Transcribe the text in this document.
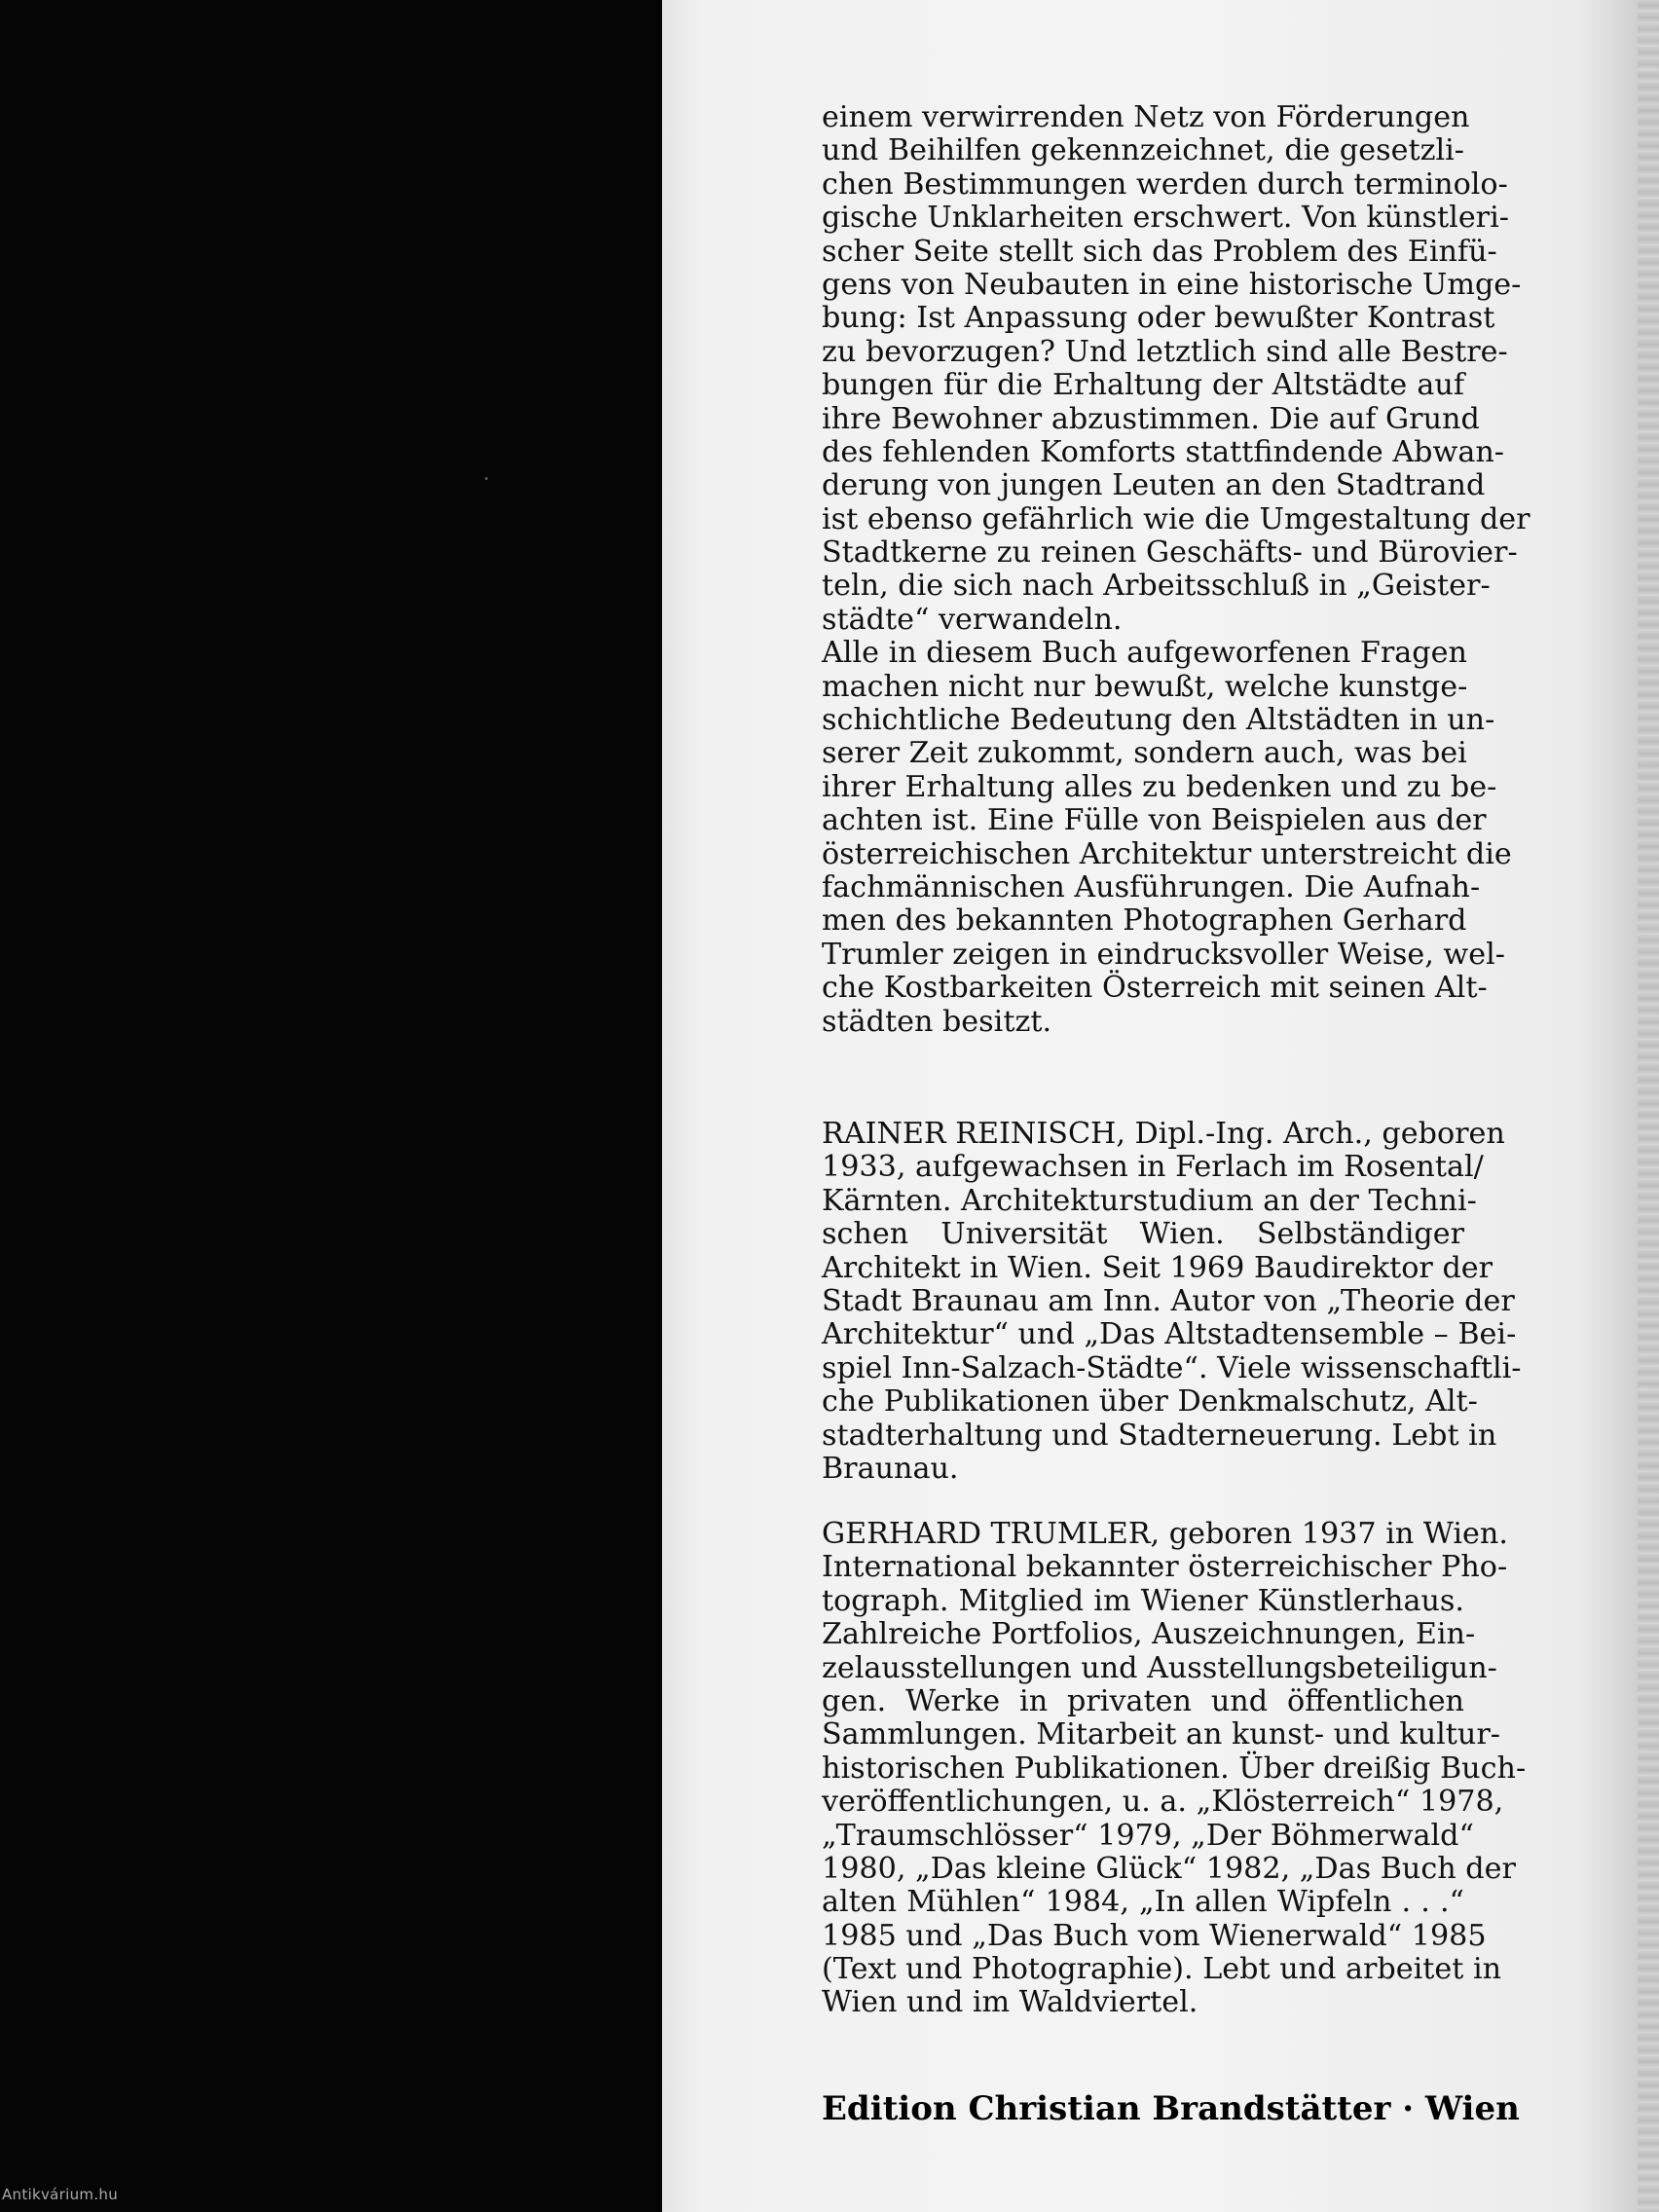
einem verwirrenden Netz von Förderungen
und Beihilfen gekennzeichnet, die gesetzli-
chen Bestimmungen werden durch terminolo-
gische Unklarheiten erschwert. Von künstleri-
scher Seite stellt sich das Problem des Einfü-
gens von Neubauten in eine historische Umge-
bung: Ist Anpassung oder bewußter Kontrast
zu bevorzugen? Und letztlich sind alle Bestre-
bungen für die Erhaltung der Altstädte auf
ihre Bewohner abzustimmen. Die auf Grund
des fehlenden Komforts stattfindende Abwan-
derung von jungen Leuten an den Stadtrand
ist ebenso gefährlich wie die Umgestaltung der
Stadtkerne zu reinen Geschäfts- und Bürovier-
teln, die sich nach Arbeitsschluß in „Geister-
städte“ verwandeln.
Alle in diesem Buch aufgeworfenen Fragen
machen nicht nur bewußt, welche kunstge-
schichtliche Bedeutung den Altstädten in un-
serer Zeit zukommt, sondern auch, was bei
ihrer Erhaltung alles zu bedenken und zu be-
achten ist. Eine Fülle von Beispielen aus der
österreichischen Architektur unterstreicht die
fachmännischen Ausführungen. Die Aufnah-
men des bekannten Photographen Gerhard
Trumler zeigen in eindrucksvoller Weise, wel-
che Kostbarkeiten Österreich mit seinen Alt-
städten besitzt.
RAINER REINISCH, Dipl.-Ing. Arch., geboren
1933, aufgewachsen in Ferlach im Rosental/
Kärnten. Architekturstudium an der Techni-
schen Universität Wien. Selbständiger
Architekt in Wien. Seit 1969 Baudirektor der
Stadt Braunau am Inn. Autor von „Theorie der
Architektur“ und „Das Altstadtensemble – Bei-
spiel Inn-Salzach-Städte“. Viele wissenschaftli-
che Publikationen über Denkmalschutz, Alt-
stadterhaltung und Stadterneuerung. Lebt in
Braunau.
GERHARD TRUMLER, geboren 1937 in Wien.
International bekannter österreichischer Pho-
tograph. Mitglied im Wiener Künstlerhaus.
Zahlreiche Portfolios, Auszeichnungen, Ein-
zelausstellungen und Ausstellungsbeteiligun-
gen. Werke in privaten und öffentlichen
Sammlungen. Mitarbeit an kunst- und kultur-
historischen Publikationen. Über dreißig Buch-
veröffentlichungen, u. a. „Klösterreich“ 1978,
„Traumschlösser“ 1979, „Der Böhmerwald“
1980, „Das kleine Glück“ 1982, „Das Buch der
alten Mühlen“ 1984, „In allen Wipfeln . . .“
1985 und „Das Buch vom Wienerwald“ 1985
(Text und Photographie). Lebt und arbeitet in
Wien und im Waldviertel.
Edition Christian Brandstätter · Wien
Antikvárium.hu
